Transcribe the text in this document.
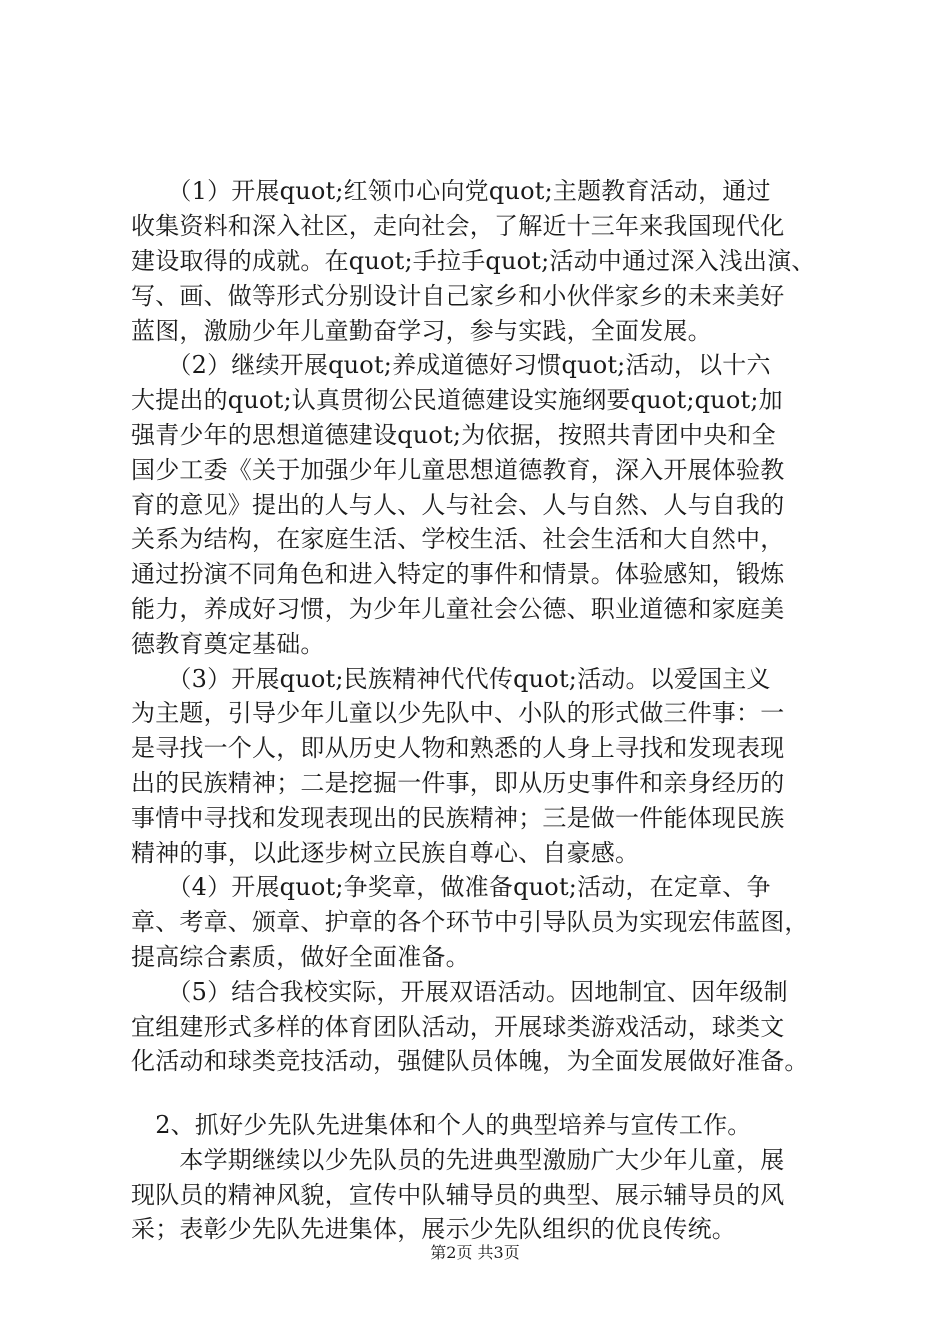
　　（1）开展quot;红领巾心向党quot;主题教育活动，通过
收集资料和深入社区，走向社会，了解近十三年来我国现代化
建设取得的成就。在quot;手拉手quot;活动中通过深入浅出演、
写、画、做等形式分别设计自己家乡和小伙伴家乡的未来美好
蓝图，激励少年儿童勤奋学习，参与实践，全面发展。
　　（2）继续开展quot;养成道德好习惯quot;活动，以十六
大提出的quot;认真贯彻公民道德建设实施纲要quot;quot;加
强青少年的思想道德建设quot;为依据，按照共青团中央和全
国少工委《关于加强少年儿童思想道德教育，深入开展体验教
育的意见》提出的人与人、人与社会、人与自然、人与自我的
关系为结构，在家庭生活、学校生活、社会生活和大自然中，
通过扮演不同角色和进入特定的事件和情景。体验感知，锻炼
能力，养成好习惯，为少年儿童社会公德、职业道德和家庭美
德教育奠定基础。
　　（3）开展quot;民族精神代代传quot;活动。以爱国主义
为主题，引导少年儿童以少先队中、小队的形式做三件事：一
是寻找一个人，即从历史人物和熟悉的人身上寻找和发现表现
出的民族精神；二是挖掘一件事，即从历史事件和亲身经历的
事情中寻找和发现表现出的民族精神；三是做一件能体现民族
精神的事，以此逐步树立民族自尊心、自豪感。
　　（4）开展quot;争奖章，做准备quot;活动，在定章、争
章、考章、颁章、护章的各个环节中引导队员为实现宏伟蓝图，
提高综合素质，做好全面准备。
　　（5）结合我校实际，开展双语活动。因地制宜、因年级制
宜组建形式多样的体育团队活动，开展球类游戏活动，球类文
化活动和球类竞技活动，强健队员体魄，为全面发展做好准备。
　2、抓好少先队先进集体和个人的典型培养与宣传工作。
　　本学期继续以少先队员的先进典型激励广大少年儿童，展
现队员的精神风貌，宣传中队辅导员的典型、展示辅导员的风
采；表彰少先队先进集体，展示少先队组织的优良传统。
第2页 共3页
